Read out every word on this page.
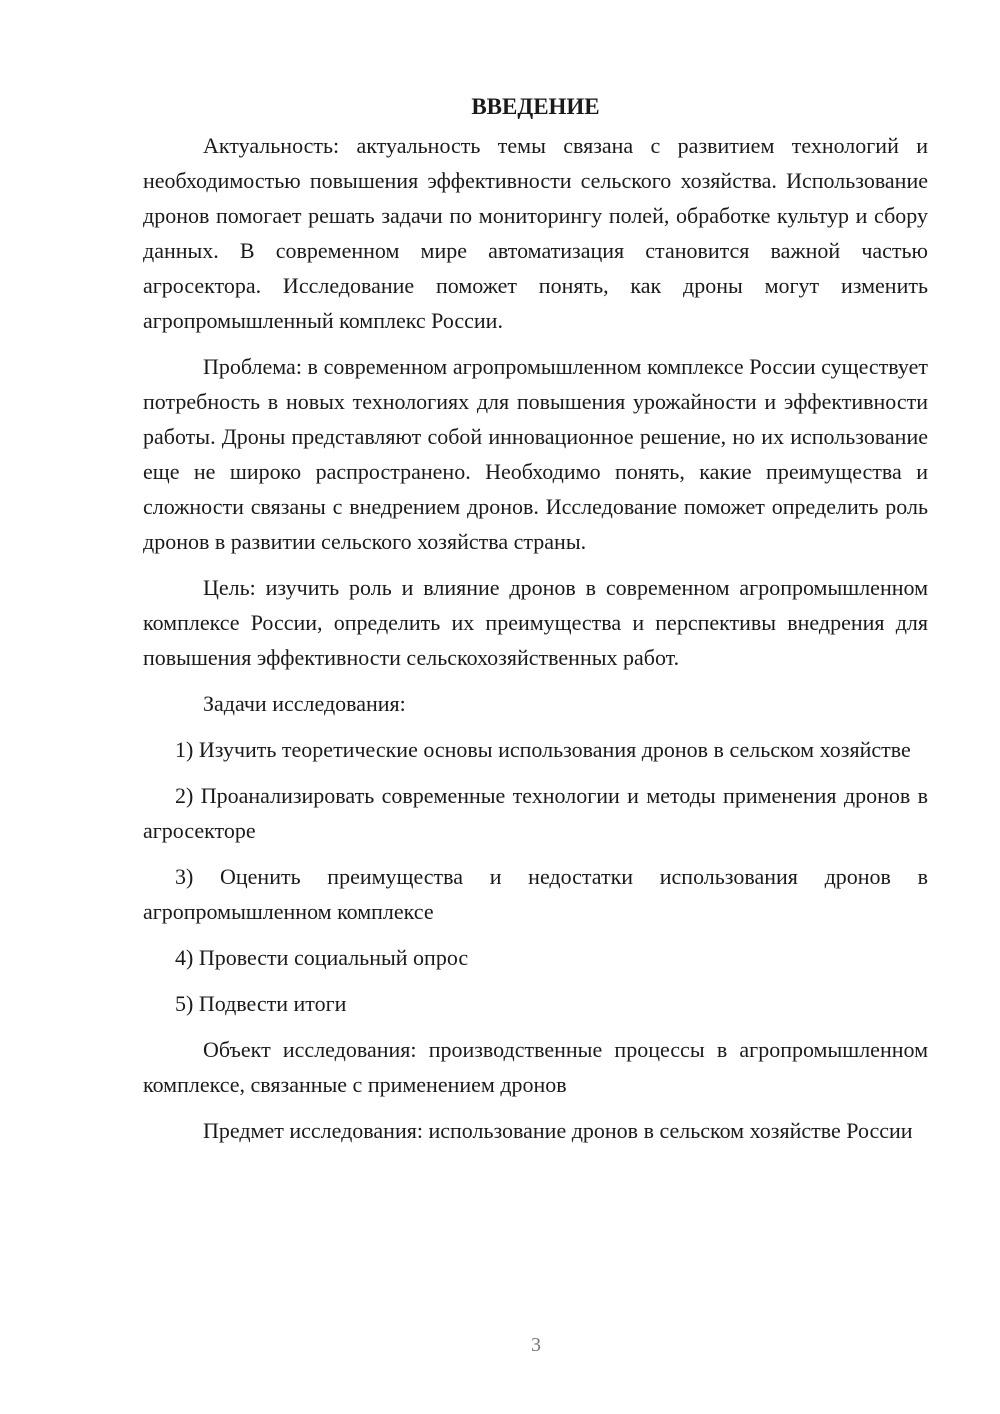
ВВЕДЕНИЕ

Актуальность: актуальность темы связана с развитием технологий и необходимостью повышения эффективности сельского хозяйства. Использование дронов помогает решать задачи по мониторингу полей, обработке культур и сбору данных. В современном мире автоматизация становится важной частью агросектора. Исследование поможет понять, как дроны могут изменить агропромышленный комплекс России.

Проблема: в современном агропромышленном комплексе России существует потребность в новых технологиях для повышения урожайности и эффективности работы. Дроны представляют собой инновационное решение, но их использование еще не широко распространено. Необходимо понять, какие преимущества и сложности связаны с внедрением дронов. Исследование поможет определить роль дронов в развитии сельского хозяйства страны.

Цель: изучить роль и влияние дронов в современном агропромышленном комплексе России, определить их преимущества и перспективы внедрения для повышения эффективности сельскохозяйственных работ.

Задачи исследования:

1) Изучить теоретические основы использования дронов в сельском хозяйстве

2) Проанализировать современные технологии и методы применения дронов в агросекторе

3) Оценить преимущества и недостатки использования дронов в агропромышленном комплексе

4) Провести социальный опрос

5) Подвести итоги

Объект исследования: производственные процессы в агропромышленном комплексе, связанные с применением дронов

Предмет исследования: использование дронов в сельском хозяйстве России

3
